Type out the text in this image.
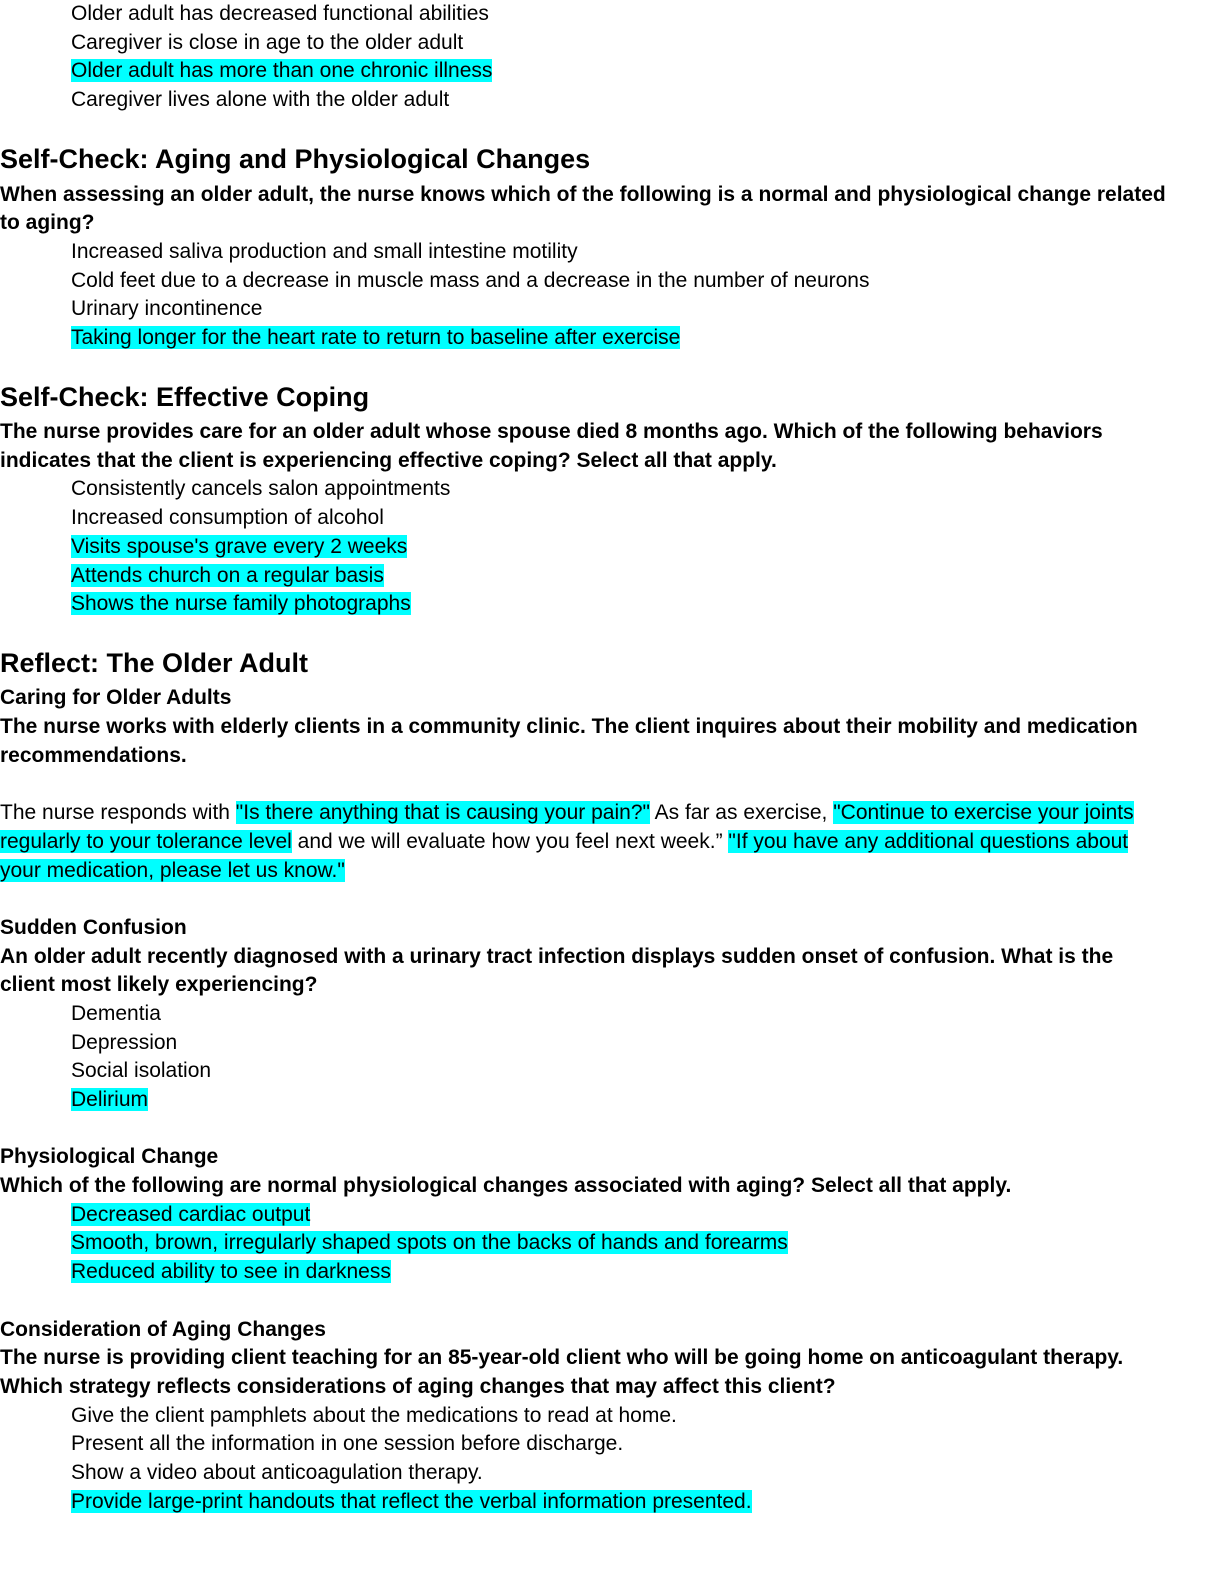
Older adult has decreased functional abilities
Caregiver is close in age to the older adult
Older adult has more than one chronic illness
Caregiver lives alone with the older adult
Self-Check: Aging and Physiological Changes
When assessing an older adult, the nurse knows which of the following is a normal and physiological change related
to aging?
Increased saliva production and small intestine motility
Cold feet due to a decrease in muscle mass and a decrease in the number of neurons
Urinary incontinence
Taking longer for the heart rate to return to baseline after exercise
Self-Check: Effective Coping
The nurse provides care for an older adult whose spouse died 8 months ago. Which of the following behaviors
indicates that the client is experiencing effective coping? Select all that apply.
Consistently cancels salon appointments
Increased consumption of alcohol
Visits spouse's grave every 2 weeks
Attends church on a regular basis
Shows the nurse family photographs
Reflect: The Older Adult
Caring for Older Adults
The nurse works with elderly clients in a community clinic. The client inquires about their mobility and medication
recommendations.
The nurse responds with "Is there anything that is causing your pain?" As far as exercise, "Continue to exercise your joints
regularly to your tolerance level and we will evaluate how you feel next week.” "If you have any additional questions about
your medication, please let us know."
Sudden Confusion
An older adult recently diagnosed with a urinary tract infection displays sudden onset of confusion. What is the
client most likely experiencing?
Dementia
Depression
Social isolation
Delirium
Physiological Change
Which of the following are normal physiological changes associated with aging? Select all that apply.
Decreased cardiac output
Smooth, brown, irregularly shaped spots on the backs of hands and forearms
Reduced ability to see in darkness
Consideration of Aging Changes
The nurse is providing client teaching for an 85-year-old client who will be going home on anticoagulant therapy.
Which strategy reflects considerations of aging changes that may affect this client?
Give the client pamphlets about the medications to read at home.
Present all the information in one session before discharge.
Show a video about anticoagulation therapy.
Provide large-print handouts that reflect the verbal information presented.
